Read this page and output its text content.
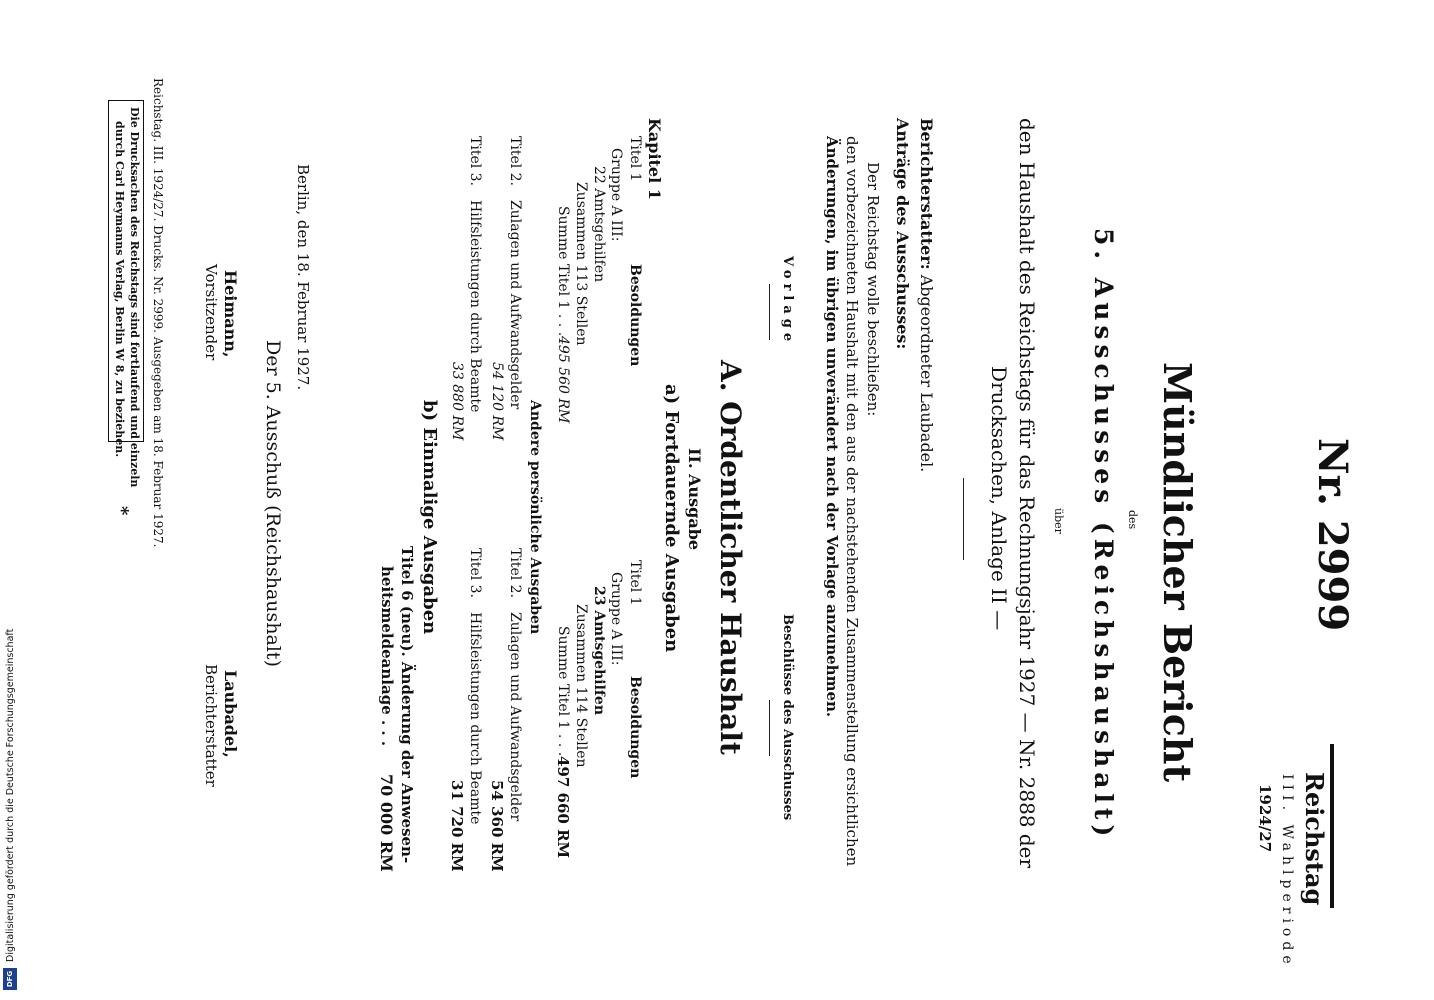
Nr. 2999
Reichstag
III. Wahlperiode
1924/27
Mündlicher Bericht
des
5. Ausschusses (Reichshaushalt)
über
den Haushalt des Reichstags für das Rechnungsjahr 1927 — Nr. 2888 der
Drucksachen, Anlage II —
Berichterstatter: Abgeordneter Laubadel.
Anträge des Ausschusses:
Der Reichstag wolle beschließen:
den vorbezeichneten Haushalt mit den aus der nachstehenden Zusammenstellung ersichtlichen
Änderungen, im übrigen unverändert nach der Vorlage anzunehmen.
Vorlage
Beschlüsse des Ausschusses
A. Ordentlicher Haushalt
II. Ausgabe
a) Fortdauernde Ausgaben
Kapitel 1
Titel 1
Besoldungen
Gruppe A III:
22 Amtsgehilfen
Zusammen 113 Stellen
Summe Titel 1 . . .
495 560 RM
Titel 1
Besoldungen
Gruppe A III:
23 Amtsgehilfen
Zusammen 114 Stellen
Summe Titel 1 . . .
497 660 RM
Andere persönliche Ausgaben
Titel 2.
Zulagen und Aufwandsgelder
54 120 RM
Titel 3.
Hilfsleistungen durch Beamte
33 880 RM
Titel 2.
Zulagen und Aufwandsgelder
54 360 RM
Titel 3.
Hilfsleistungen durch Beamte
31 720 RM
b) Einmalige Ausgaben
Titel 6 (neu). Änderung der Anwesen-
heitsmeldeanlage . . .
70 000 RM
Berlin, den 18. Februar 1927.
Der 5. Ausschuß (Reichshaushalt)
Heimann,
Vorsitzender
Laubadel,
Berichterstatter
Reichstag. III. 1924/27. Drucks. Nr. 2999. Ausgegeben am 18. Februar 1927.
Die Drucksachen des Reichstags sind fortlaufend und einzeln
durch Carl Heymanns Verlag, Berlin W 8, zu beziehen.
*
Digitalisierung gefördert durch die Deutsche Forschungsgemeinschaft
DFG
